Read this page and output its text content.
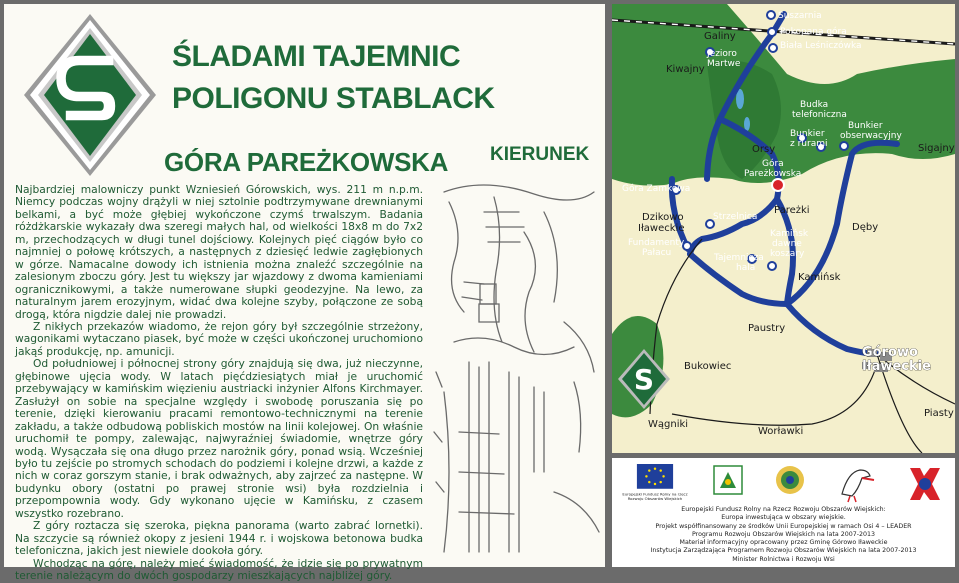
ŚLADAMI TAJEMNIC
POLIGONU STABLACK
GÓRA PAREŻKOWSKA KIERUNEK

Najbardziej malowniczy punkt Wzniesień Górowskich, wys. 211 m n.p.m. Niemcy podczas wojny drążyli w niej sztolnie podtrzymywane drewnianymi belkami, a być może głębiej wykończone czymś trwalszym. Badania różdżkarskie wykazały dwa szeregi małych hal, od wielkości 18x8 m do 7x2 m, przechodzących w długi tunel dojściowy. Kolejnych pięć ciągów było co najmniej o połowę krótszych, a następnych z dziesięć ledwie zagłębionych w górze. Namacalne dowody ich istnienia można znaleźć szczególnie na zalesionym zboczu góry. Jest tu większy jar wjazdowy z dwoma kamieniami ogranicznikowymi, a także numerowane słupki geodezyjne. Na lewo, za naturalnym jarem erozyjnym, widać dwa kolejne szyby, połączone ze sobą drogą, która nigdzie dalej nie prowadzi.

Z nikłych przekazów wiadomo, że rejon góry był szczególnie strzeżony, wagonikami wytaczano piasek, być może w części ukończonej uruchomiono jakąś produkcję, np. amunicji.

Od południowej i północnej strony góry znajdują się dwa, już nieczynne, głębinowe ujęcia wody. W latach pięćdziesiątych miał je uruchomić przebywający w kamińskim więzieniu austriacki inżynier Alfons Kirchmayer. Zasłużył on sobie na specjalne względy i swobodę poruszania się po terenie, dzięki kierowaniu pracami remontowo-technicznymi na terenie zakładu, a także odbudową pobliskich mostów na linii kolejowej. On właśnie uruchomił te pompy, zalewając, najwyraźniej świadomie, wnętrze góry wodą. Wysączała się ona długo przez narożnik góry, ponad wsią. Wcześniej było tu zejście po stromych schodach do podziemi i kolejne drzwi, a każde z nich w coraz gorszym stanie, i brak odważnych, aby zajrzeć za następne. W budynku obory (ostatni po prawej stronie wsi) była rozdzielnia i przepompownia wody. Gdy wykonano ujęcie w Kamińsku, z czasem wszystko rozebrano.

Z góry roztacza się szeroka, piękna panorama (warto zabrać lornetki). Na szczycie są również okopy z jesieni 1944 r. i wojskowa betonowa budka telefoniczna, jakich jest niewiele dookoła góry.

Wchodząc na górę, należy mieć świadomość, że idzie się po prywatnym terenie należącym do dwóch gospodarzy mieszkających najbliżej góry.

S
Galiny
Kiwajny
Jezioro
Martwe
Suszarnia
Pokopana góra
Biała Leśniczówka
Budka
telefoniczna
Bunkier
z rurami
Bunkier
obserwacyjny
Orsy	Sigajny
Góra
Pareżkowska
Góra Zamkowa
Dzikowo
Iławeckie
Fundamenty
Pałacu
Strzelnica
Pareżki
Dęby
Kamińsk
dawne
koszary
Tajemnicza
hala
Kamińsk
Paustry
Bukowiec
Górowo
Iławeckie
Piasty
Wągniki
Worławki
Europejski Fundusz Rolny na rzecz
Rozwoju Obszarów Wiejskich
Europejski Fundusz Rolny na Rzecz Rozwoju Obszarów Wiejskich:
Europa inwestująca w obszary wiejskie.
Projekt współfinansowany ze środków Unii Europejskiej w ramach Osi 4 – LEADER
Programu Rozwoju Obszarów Wiejskich na lata 2007-2013
Materiał informacyjny opracowany przez Gminę Górowo Iławeckie
Instytucja Zarządzająca Programem Rozwoju Obszarów Wiejskich na lata 2007-2013
Minister Rolnictwa i Rozwoju Wsi
